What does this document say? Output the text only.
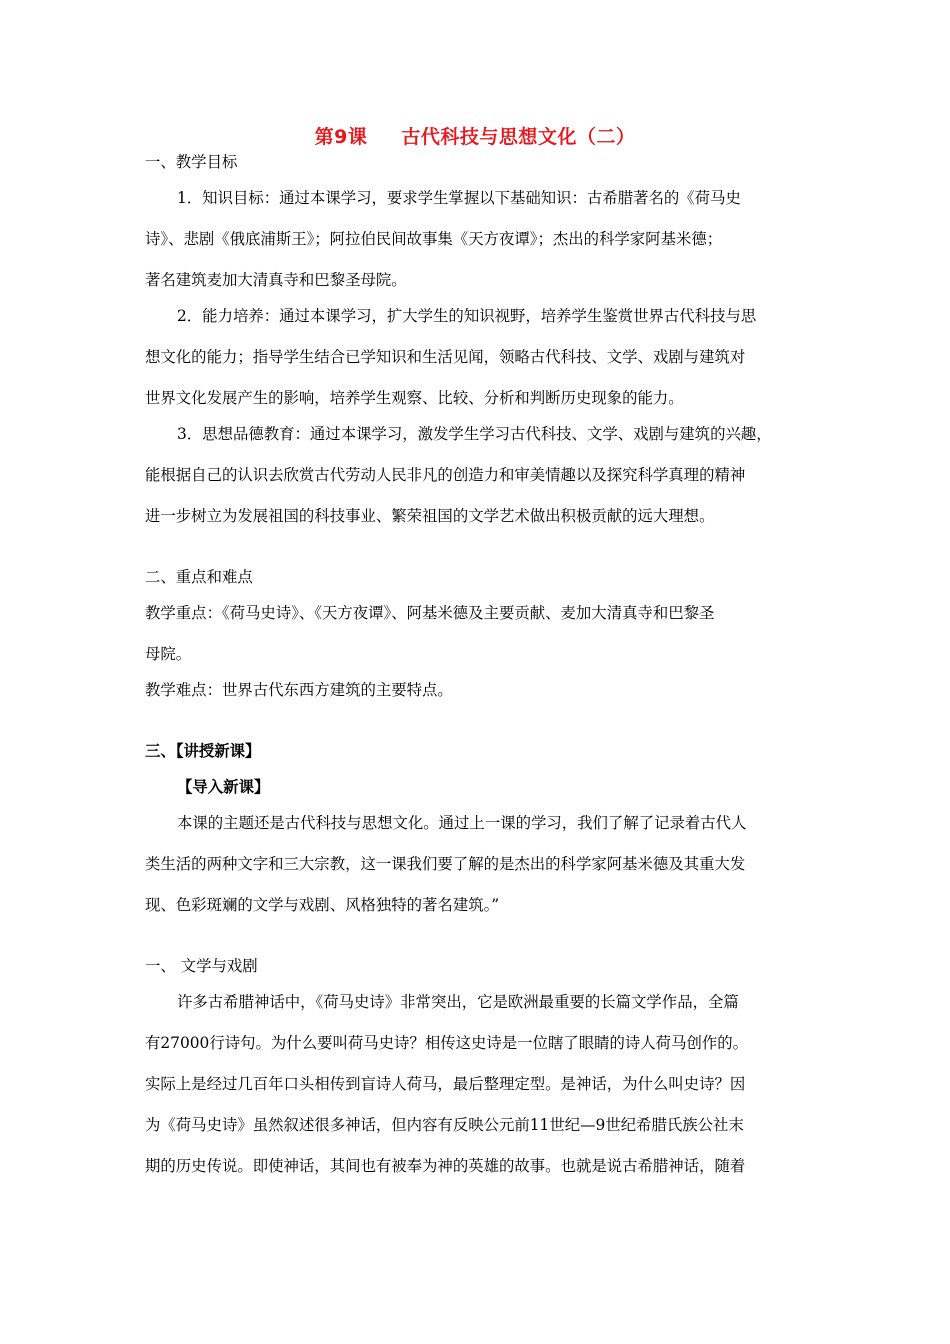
第9课 古代科技与思想文化（二）
一、教学目标
1．知识目标：通过本课学习，要求学生掌握以下基础知识：古希腊著名的《荷马史
诗》、悲剧《俄底浦斯王》；阿拉伯民间故事集《天方夜谭》；杰出的科学家阿基米德；
著名建筑麦加大清真寺和巴黎圣母院。
2．能力培养：通过本课学习，扩大学生的知识视野，培养学生鉴赏世界古代科技与思
想文化的能力；指导学生结合已学知识和生活见闻，领略古代科技、文学、戏剧与建筑对
世界文化发展产生的影响，培养学生观察、比较、分析和判断历史现象的能力。
3．思想品德教育：通过本课学习，激发学生学习古代科技、文学、戏剧与建筑的兴趣，
能根据自己的认识去欣赏古代劳动人民非凡的创造力和审美情趣以及探究科学真理的精神
进一步树立为发展祖国的科技事业、繁荣祖国的文学艺术做出积极贡献的远大理想。
二、重点和难点
教学重点：《荷马史诗》、《天方夜谭》、阿基米德及主要贡献、麦加大清真寺和巴黎圣
母院。
教学难点：世界古代东西方建筑的主要特点。
三、【讲授新课】
【导入新课】
本课的主题还是古代科技与思想文化。通过上一课的学习，我们了解了记录着古代人
类生活的两种文字和三大宗教，这一课我们要了解的是杰出的科学家阿基米德及其重大发
现、色彩斑斓的文学与戏剧、风格独特的著名建筑。”
一、 文学与戏剧
许多古希腊神话中，《荷马史诗》非常突出，它是欧洲最重要的长篇文学作品，全篇
有27000行诗句。为什么要叫荷马史诗？相传这史诗是一位瞎了眼睛的诗人荷马创作的。
实际上是经过几百年口头相传到盲诗人荷马，最后整理定型。是神话，为什么叫史诗？因
为《荷马史诗》虽然叙述很多神话，但内容有反映公元前11世纪—9世纪希腊氏族公社末
期的历史传说。即使神话，其间也有被奉为神的英雄的故事。也就是说古希腊神话，随着
